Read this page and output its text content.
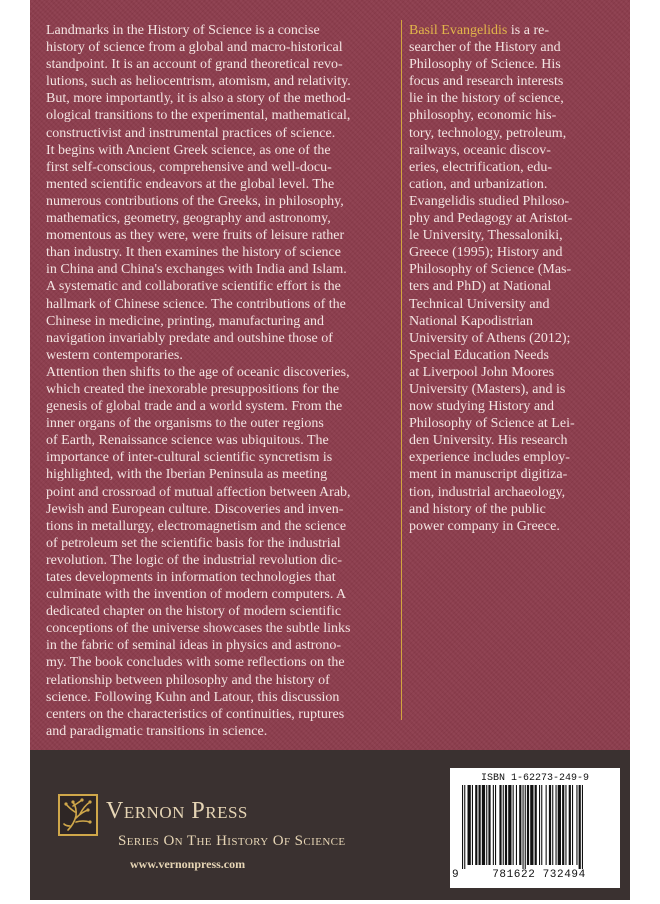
Landmarks in the History of Science is a concise
history of science from a global and macro-historical
standpoint. It is an account of grand theoretical revo-
lutions, such as heliocentrism, atomism, and relativity.
But, more importantly, it is also a story of the method-
ological transitions to the experimental, mathematical,
constructivist and instrumental practices of science.
It begins with Ancient Greek science, as one of the
first self-conscious, comprehensive and well-docu-
mented scientific endeavors at the global level. The
numerous contributions of the Greeks, in philosophy,
mathematics, geometry, geography and astronomy,
momentous as they were, were fruits of leisure rather
than industry. It then examines the history of science
in China and China's exchanges with India and Islam.
A systematic and collaborative scientific effort is the
hallmark of Chinese science. The contributions of the
Chinese in medicine, printing, manufacturing and
navigation invariably predate and outshine those of
western contemporaries.
Attention then shifts to the age of oceanic discoveries,
which created the inexorable presuppositions for the
genesis of global trade and a world system. From the
inner organs of the organisms to the outer regions
of Earth, Renaissance science was ubiquitous. The
importance of inter-cultural scientific syncretism is
highlighted, with the Iberian Peninsula as meeting
point and crossroad of mutual affection between Arab,
Jewish and European culture. Discoveries and inven-
tions in metallurgy, electromagnetism and the science
of petroleum set the scientific basis for the industrial
revolution. The logic of the industrial revolution dic-
tates developments in information technologies that
culminate with the invention of modern computers. A
dedicated chapter on the history of modern scientific
conceptions of the universe showcases the subtle links
in the fabric of seminal ideas in physics and astrono-
my. The book concludes with some reflections on the
relationship between philosophy and the history of
science. Following Kuhn and Latour, this discussion
centers on the characteristics of continuities, ruptures
and paradigmatic transitions in science.
Basil Evangelidis is a re-

searcher of the History and
Philosophy of Science. His
focus and research interests
lie in the history of science,
philosophy, economic his-
tory, technology, petroleum,
railways, oceanic discov-
eries, electrification, edu-
cation, and urbanization.
Evangelidis studied Philoso-
phy and Pedagogy at Aristot-
le University, Thessaloniki,
Greece (1995); History and
Philosophy of Science (Mas-
ters and PhD) at National
Technical University and
National Kapodistrian
University of Athens (2012);
Special Education Needs
at Liverpool John Moores
University (Masters), and is
now studying History and
Philosophy of Science at Lei-
den University. His research
experience includes employ-
ment in manuscript digitiza-
tion, industrial archaeology,
and history of the public
power company in Greece.
Vernon Press
Series On The History Of Science
www.vernonpress.com
ISBN 1-62273-249-9
9	781622 732494
